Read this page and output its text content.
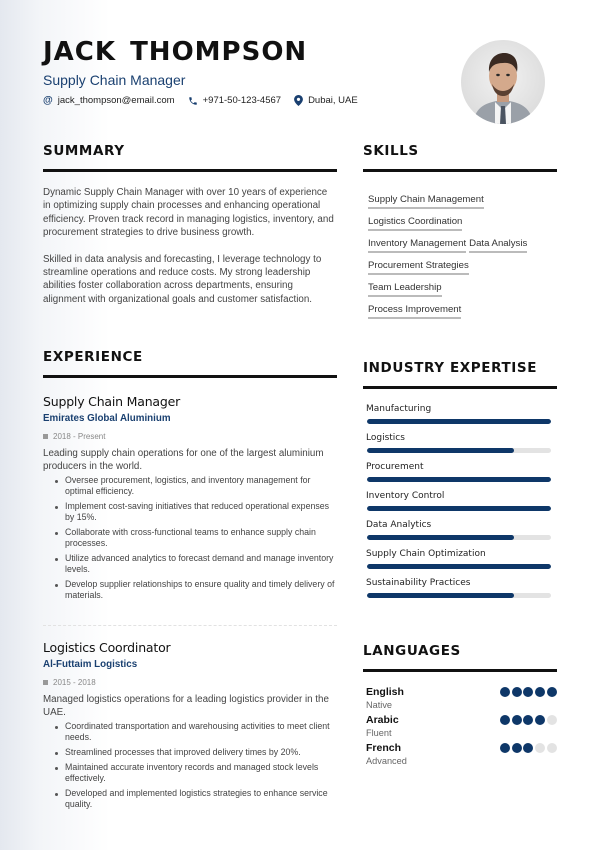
JACK THOMPSON
Supply Chain Manager
@ jack_thompson@email.com	+971-50-123-4567	Dubai, UAE
SUMMARY

Dynamic Supply Chain Manager with over 10 years of experience in optimizing supply chain processes and enhancing operational efficiency. Proven track record in managing logistics, inventory, and procurement strategies to drive business growth.

Skilled in data analysis and forecasting, I leverage technology to streamline operations and reduce costs. My strong leadership abilities foster collaboration across departments, ensuring alignment with organizational goals and customer satisfaction.

SKILLS
Supply Chain Management
Logistics Coordination
Inventory Management Data Analysis
Procurement Strategies
Team Leadership
Process Improvement
EXPERIENCE
Supply Chain Manager
Emirates Global Aluminium
2018 - Present
Leading supply chain operations for one of the largest aluminium producers in the world.
Oversee procurement, logistics, and inventory management for optimal efficiency.
Implement cost-saving initiatives that reduced operational expenses by 15%.
Collaborate with cross-functional teams to enhance supply chain processes.
Utilize advanced analytics to forecast demand and manage inventory levels.
Develop supplier relationships to ensure quality and timely delivery of materials.
Logistics Coordinator
Al-Futtaim Logistics
2015 - 2018
Managed logistics operations for a leading logistics provider in the UAE.
Coordinated transportation and warehousing activities to meet client needs.
Streamlined processes that improved delivery times by 20%.
Maintained accurate inventory records and managed stock levels effectively.
Developed and implemented logistics strategies to enhance service quality.
INDUSTRY EXPERTISE
Manufacturing
Logistics
Procurement
Inventory Control
Data Analytics
Supply Chain Optimization
Sustainability Practices
LANGUAGES
English
Native
Arabic
Fluent
French
Advanced
